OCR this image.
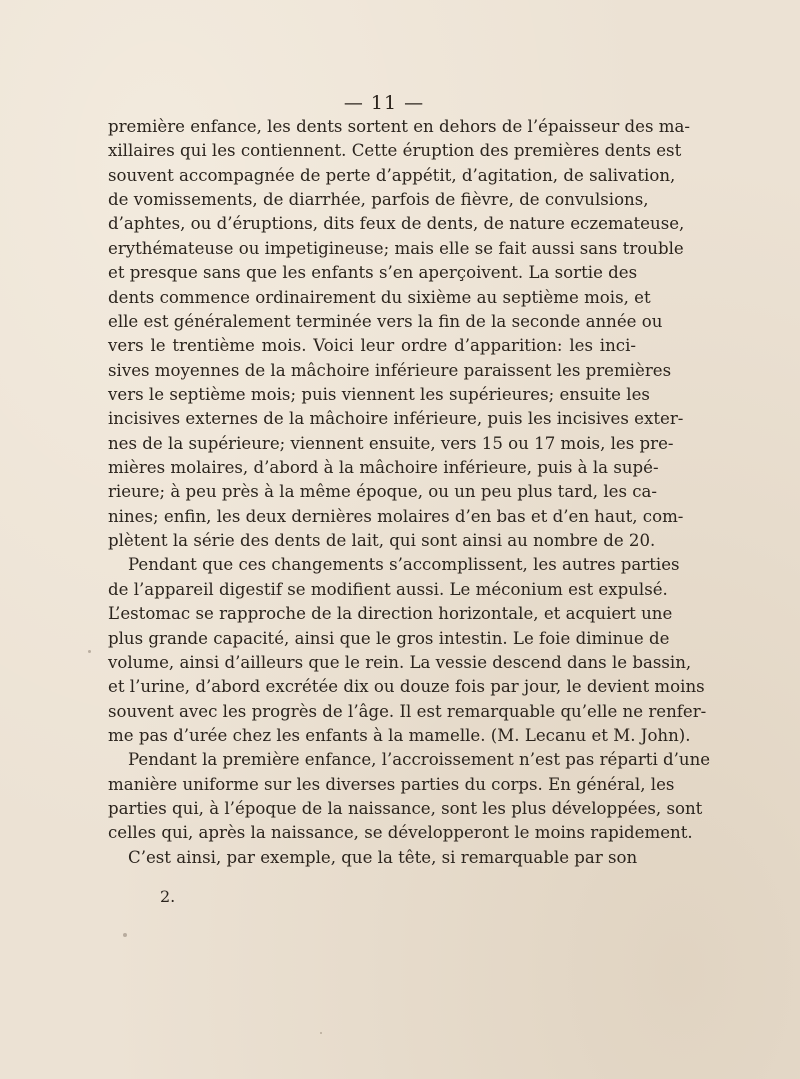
— 11 —
première enfance, les dents sortent en dehors de l’épaisseur des ma-
xillaires qui les contiennent. Cette éruption des premières dents est
souvent accompagnée de perte d’appétit, d’agitation, de salivation,
de vomissements, de diarrhée, parfois de fièvre, de convulsions,
d’aphtes, ou d’éruptions, dits feux de dents, de nature eczemateuse,
erythémateuse ou impetigineuse; mais elle se fait aussi sans trouble
et presque sans que les enfants s’en aperçoivent. La sortie des
dents commence ordinairement du sixième au septième mois, et
elle est généralement terminée vers la fin de la seconde année ou
vers le trentième mois. Voici leur ordre d’apparition: les inci-
sives moyennes de la mâchoire inférieure paraissent les premières
vers le septième mois; puis viennent les supérieures; ensuite les
incisives externes de la mâchoire inférieure, puis les incisives exter-
nes de la supérieure; viennent ensuite, vers 15 ou 17 mois, les pre-
mières molaires, d’abord à la mâchoire inférieure, puis à la supé-
rieure; à peu près à la même époque, ou un peu plus tard, les ca-
nines; enfin, les deux dernières molaires d’en bas et d’en haut, com-
plètent la série des dents de lait, qui sont ainsi au nombre de 20.
Pendant que ces changements s’accomplissent, les autres parties
de l’appareil digestif se modifient aussi. Le méconium est expulsé.
L’estomac se rapproche de la direction horizontale, et acquiert une
plus grande capacité, ainsi que le gros intestin. Le foie diminue de
volume, ainsi d’ailleurs que le rein. La vessie descend dans le bassin,
et l’urine, d’abord excrétée dix ou douze fois par jour, le devient moins
souvent avec les progrès de l’âge. Il est remarquable qu’elle ne renfer-
me pas d’urée chez les enfants à la mamelle. (M. Lecanu et M. John).
Pendant la première enfance, l’accroissement n’est pas réparti d’une
manière uniforme sur les diverses parties du corps. En général, les
parties qui, à l’époque de la naissance, sont les plus développées, sont
celles qui, après la naissance, se développeront le moins rapidement.
C’est ainsi, par exemple, que la tête, si remarquable par son
2.
